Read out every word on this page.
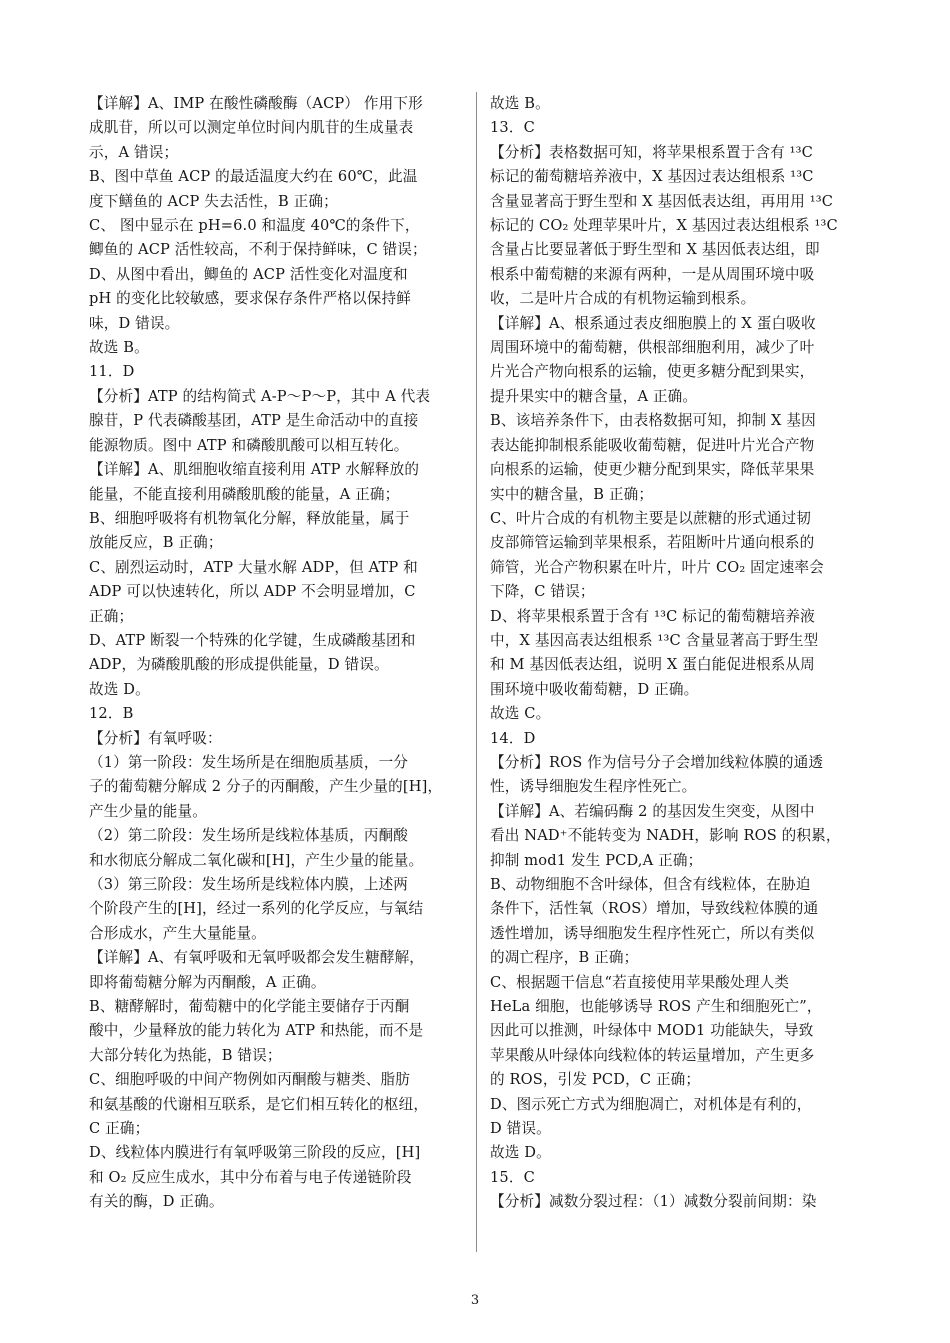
【详解】A、IMP 在酸性磷酸酶（ACP） 作用下形
成肌苷，所以可以测定单位时间内肌苷的生成量表
示，A 错误；
B、图中草鱼 ACP 的最适温度大约在 60℃，此温
度下鳝鱼的 ACP 失去活性，B 正确；
C、 图中显示在 pH=6.0 和温度 40℃的条件下，
鲫鱼的 ACP 活性较高，不利于保持鲜味，C 错误；
D、从图中看出，鲫鱼的 ACP 活性变化对温度和
pH 的变化比较敏感，要求保存条件严格以保持鲜
味，D 错误。
故选 B。
11．D
【分析】ATP 的结构简式 A-P～P～P，其中 A 代表
腺苷，P 代表磷酸基团，ATP 是生命活动中的直接
能源物质。图中 ATP 和磷酸肌酸可以相互转化。
【详解】A、肌细胞收缩直接利用 ATP 水解释放的
能量，不能直接利用磷酸肌酸的能量，A 正确；
B、细胞呼吸将有机物氧化分解，释放能量，属于
放能反应，B 正确；
C、剧烈运动时，ATP 大量水解 ADP，但 ATP 和
ADP 可以快速转化，所以 ADP 不会明显增加，C
正确；
D、ATP 断裂一个特殊的化学键，生成磷酸基团和
ADP，为磷酸肌酸的形成提供能量，D 错误。
故选 D。
12．B
【分析】有氧呼吸：
（1）第一阶段：发生场所是在细胞质基质，一分
子的葡萄糖分解成 2 分子的丙酮酸，产生少量的[H]，
产生少量的能量。
（2）第二阶段：发生场所是线粒体基质，丙酮酸
和水彻底分解成二氧化碳和[H]，产生少量的能量。
（3）第三阶段：发生场所是线粒体内膜，上述两
个阶段产生的[H]，经过一系列的化学反应，与氧结
合形成水，产生大量能量。
【详解】A、有氧呼吸和无氧呼吸都会发生糖酵解，
即将葡萄糖分解为丙酮酸，A 正确。
B、糖酵解时，葡萄糖中的化学能主要储存于丙酮
酸中，少量释放的能力转化为 ATP 和热能，而不是
大部分转化为热能，B 错误；
C、细胞呼吸的中间产物例如丙酮酸与糖类、脂肪
和氨基酸的代谢相互联系，是它们相互转化的枢纽，
C 正确；
D、线粒体内膜进行有氧呼吸第三阶段的反应，[H]
和 O₂ 反应生成水，其中分布着与电子传递链阶段
有关的酶，D 正确。
故选 B。
13．C
【分析】表格数据可知，将苹果根系置于含有 ¹³C
标记的葡萄糖培养液中，X 基因过表达组根系 ¹³C
含量显著高于野生型和 X 基因低表达组，再用用 ¹³C
标记的 CO₂ 处理苹果叶片，X 基因过表达组根系 ¹³C
含量占比要显著低于野生型和 X 基因低表达组，即
根系中葡萄糖的来源有两种，一是从周围环境中吸
收，二是叶片合成的有机物运输到根系。
【详解】A、根系通过表皮细胞膜上的 X 蛋白吸收
周围环境中的葡萄糖，供根部细胞利用，减少了叶
片光合产物向根系的运输，使更多糖分配到果实，
提升果实中的糖含量，A 正确。
B、该培养条件下，由表格数据可知，抑制 X 基因
表达能抑制根系能吸收葡萄糖，促进叶片光合产物
向根系的运输，使更少糖分配到果实，降低苹果果
实中的糖含量，B 正确；
C、叶片合成的有机物主要是以蔗糖的形式通过韧
皮部筛管运输到苹果根系，若阻断叶片通向根系的
筛管，光合产物积累在叶片，叶片 CO₂ 固定速率会
下降，C 错误；
D、将苹果根系置于含有 ¹³C 标记的葡萄糖培养液
中，X 基因高表达组根系 ¹³C 含量显著高于野生型
和 M 基因低表达组，说明 X 蛋白能促进根系从周
围环境中吸收葡萄糖，D 正确。
故选 C。
14．D
【分析】ROS 作为信号分子会增加线粒体膜的通透
性，诱导细胞发生程序性死亡。
【详解】A、若编码酶 2 的基因发生突变，从图中
看出 NAD⁺不能转变为 NADH，影响 ROS 的积累，
抑制 mod1 发生 PCD,A 正确；
B、动物细胞不含叶绿体，但含有线粒体，在胁迫
条件下，活性氧（ROS）增加，导致线粒体膜的通
透性增加，诱导细胞发生程序性死亡，所以有类似
的凋亡程序，B 正确；
C、根据题干信息“若直接使用苹果酸处理人类
HeLa 细胞，也能够诱导 ROS 产生和细胞死亡”，
因此可以推测，叶绿体中 MOD1 功能缺失，导致
苹果酸从叶绿体向线粒体的转运量增加，产生更多
的 ROS，引发 PCD，C 正确；
D、图示死亡方式为细胞凋亡，对机体是有利的，
D 错误。
故选 D。
15．C
【分析】减数分裂过程：（1）减数分裂前间期：染
3
